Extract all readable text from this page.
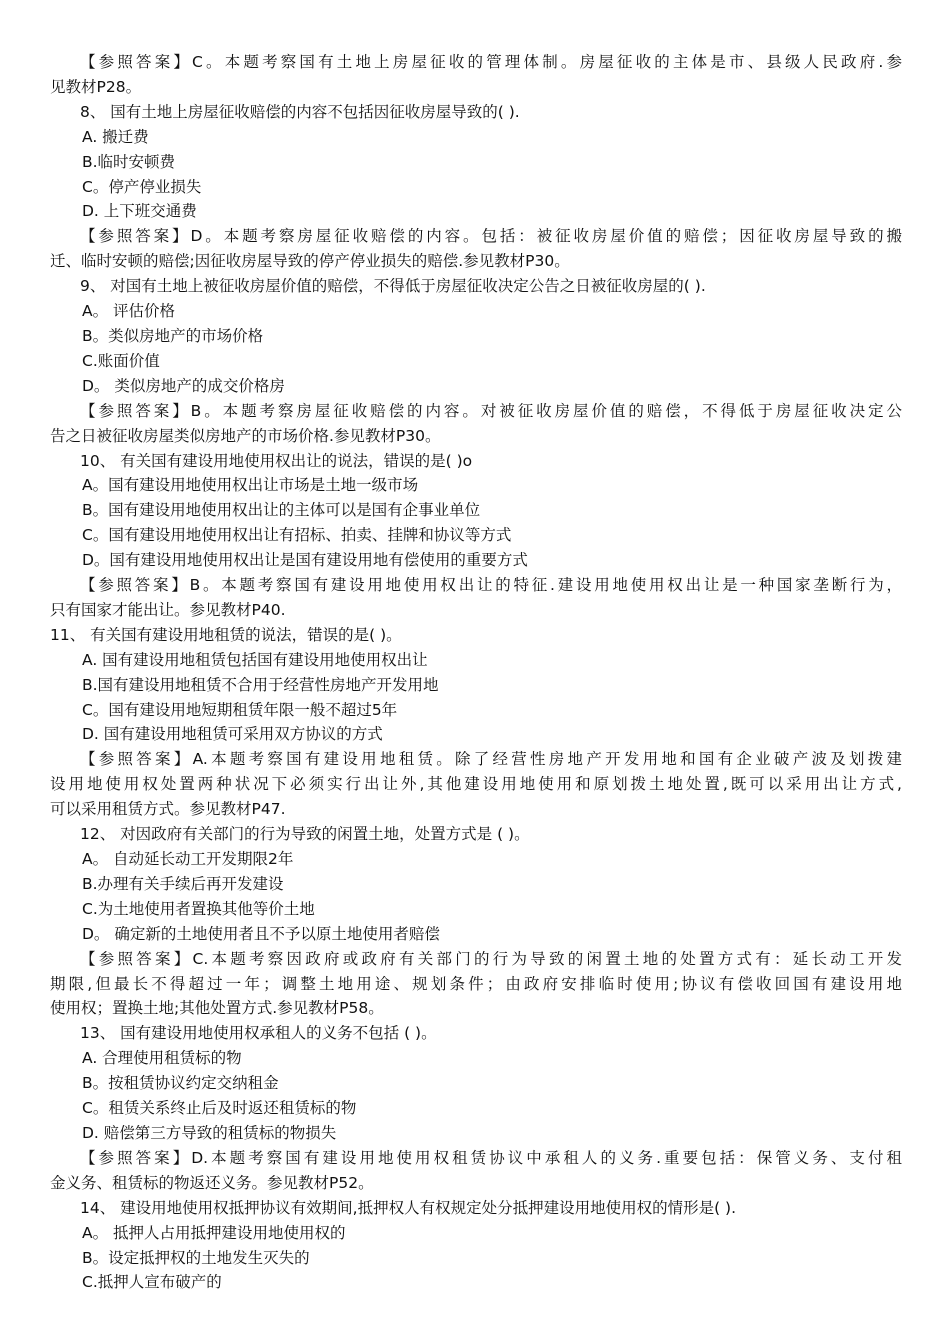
【参照答案】C。本题考察国有土地上房屋征收的管理体制。房屋征收的主体是市、县级人民政府.参
见教材P28。
8、 国有土地上房屋征收赔偿的内容不包括因征收房屋导致的( ).
A. 搬迁费
B.临时安顿费
C。停产停业损失
D. 上下班交通费
【参照答案】D。本题考察房屋征收赔偿的内容。包括：被征收房屋价值的赔偿；因征收房屋导致的搬
迁、临时安顿的赔偿;因征收房屋导致的停产停业损失的赔偿.参见教材P30。
9、 对国有土地上被征收房屋价值的赔偿，不得低于房屋征收决定公告之日被征收房屋的( ).
A。 评估价格
B。类似房地产的市场价格
C.账面价值
D。 类似房地产的成交价格房
【参照答案】B。本题考察房屋征收赔偿的内容。对被征收房屋价值的赔偿，不得低于房屋征收决定公
告之日被征收房屋类似房地产的市场价格.参见教材P30。
10、 有关国有建设用地使用权出让的说法，错误的是( )o
A。国有建设用地使用权出让市场是土地一级市场
B。国有建设用地使用权出让的主体可以是国有企事业单位
C。国有建设用地使用权出让有招标、拍卖、挂牌和协议等方式
D。国有建设用地使用权出让是国有建设用地有偿使用的重要方式
【参照答案】B。本题考察国有建设用地使用权出让的特征.建设用地使用权出让是一种国家垄断行为，
只有国家才能出让。参见教材P40.
11、 有关国有建设用地租赁的说法，错误的是( )。
A. 国有建设用地租赁包括国有建设用地使用权出让
B.国有建设用地租赁不合用于经营性房地产开发用地
C。国有建设用地短期租赁年限一般不超过5年
D. 国有建设用地租赁可采用双方协议的方式
【参照答案】A.本题考察国有建设用地租赁。除了经营性房地产开发用地和国有企业破产波及划拨建
设用地使用权处置两种状况下必须实行出让外,其他建设用地使用和原划拨土地处置,既可以采用出让方式,
可以采用租赁方式。参见教材P47.
12、 对因政府有关部门的行为导致的闲置土地，处置方式是 ( )。
A。 自动延长动工开发期限2年
B.办理有关手续后再开发建设
C.为土地使用者置换其他等价土地
D。 确定新的土地使用者且不予以原土地使用者赔偿
【参照答案】C.本题考察因政府或政府有关部门的行为导致的闲置土地的处置方式有：延长动工开发
期限,但最长不得超过一年；调整土地用途、规划条件；由政府安排临时使用;协议有偿收回国有建设用地
使用权；置换土地;其他处置方式.参见教材P58。
13、 国有建设用地使用权承租人的义务不包括 ( )。
A. 合理使用租赁标的物
B。按租赁协议约定交纳租金
C。租赁关系终止后及时返还租赁标的物
D. 赔偿第三方导致的租赁标的物损失
【参照答案】D.本题考察国有建设用地使用权租赁协议中承租人的义务.重要包括：保管义务、支付租
金义务、租赁标的物返还义务。参见教材P52。
14、 建设用地使用权抵押协议有效期间,抵押权人有权规定处分抵押建设用地使用权的情形是( ).
A。 抵押人占用抵押建设用地使用权的
B。设定抵押权的土地发生灭失的
C.抵押人宣布破产的
